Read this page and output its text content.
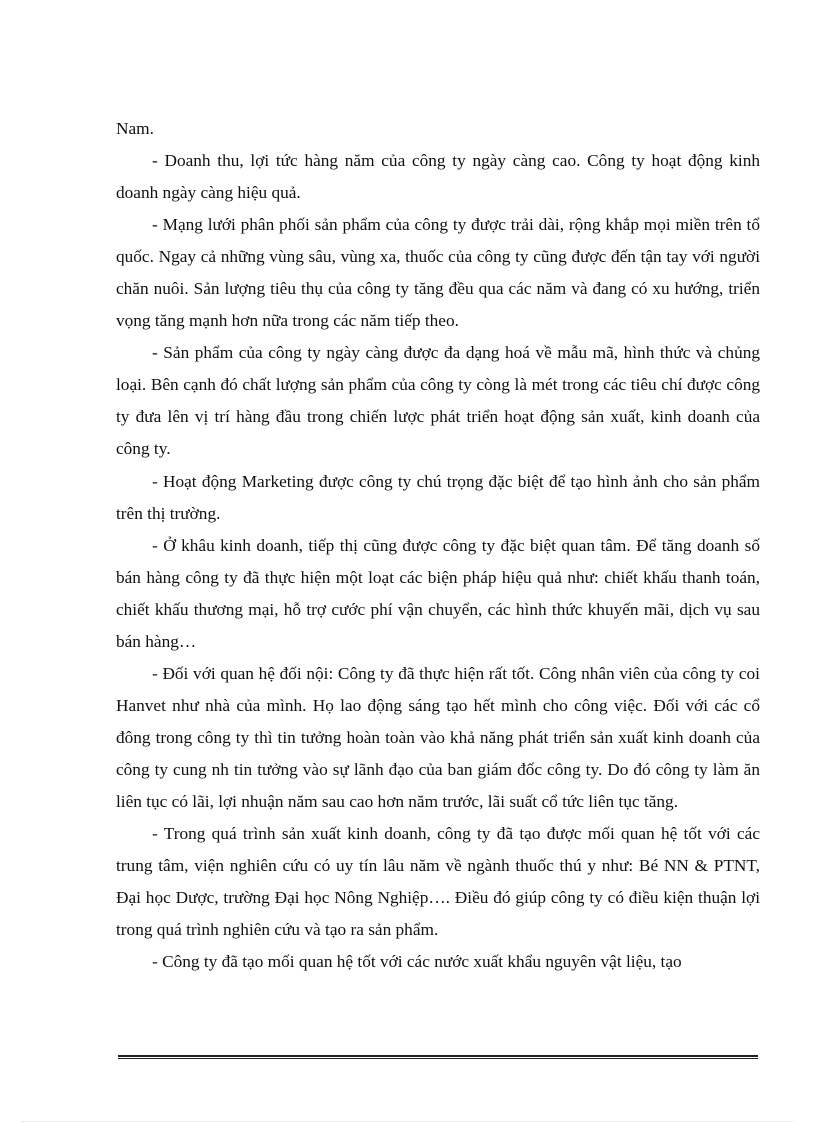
Nam.

- Doanh thu, lợi tức hàng năm của công ty ngày càng cao. Công ty hoạt động kinh doanh ngày càng hiệu quả.

- Mạng lưới phân phối sản phẩm của công ty được trải dài, rộng khắp mọi miền trên tổ quốc. Ngay cả những vùng sâu, vùng xa, thuốc của công ty cũng được đến tận tay với người chăn nuôi. Sản lượng tiêu thụ của công ty tăng đều qua các năm và đang có xu hướng, triển vọng tăng mạnh hơn nữa trong các năm tiếp theo.

- Sản phẩm của công ty ngày càng được đa dạng hoá về mẫu mã, hình thức và chủng loại. Bên cạnh đó chất lượng sản phẩm của công ty còng là mét trong các tiêu chí được công ty đưa lên vị trí hàng đầu trong chiến lược phát triển hoạt động sản xuất, kinh doanh của công ty.

- Hoạt động Marketing được công ty chú trọng đặc biệt để tạo hình ảnh cho sản phẩm trên thị trường.

- Ở khâu kinh doanh, tiếp thị cũng được công ty đặc biệt quan tâm. Để tăng doanh số bán hàng công ty đã thực hiện một loạt các biện pháp hiệu quả như: chiết khấu thanh toán, chiết khấu thương mại, hỗ trợ cước phí vận chuyển, các hình thức khuyến mãi, dịch vụ sau bán hàng…

- Đối với quan hệ đối nội: Công ty đã thực hiện rất tốt. Công nhân viên của công ty coi Hanvet như nhà của mình. Họ lao động sáng tạo hết mình cho công việc. Đối với các cổ đông trong công ty thì tin tưởng hoàn toàn vào khả năng phát triển sản xuất kinh doanh của công ty cung nh tin tưởng vào sự lãnh đạo của ban giám đốc công ty. Do đó công ty làm ăn liên tục có lãi, lợi nhuận năm sau cao hơn năm trước, lãi suất cổ tức liên tục tăng.

- Trong quá trình sản xuất kinh doanh, công ty đã tạo được mối quan hệ tốt với các trung tâm, viện nghiên cứu có uy tín lâu năm về ngành thuốc thú y như: Bé NN & PTNT, Đại học Dược, trường Đại học Nông Nghiệp…. Điều đó giúp công ty có điều kiện thuận lợi trong quá trình nghiên cứu và tạo ra sản phẩm.

- Công ty đã tạo mối quan hệ tốt với các nước xuất khẩu nguyên vật liệu, tạo
